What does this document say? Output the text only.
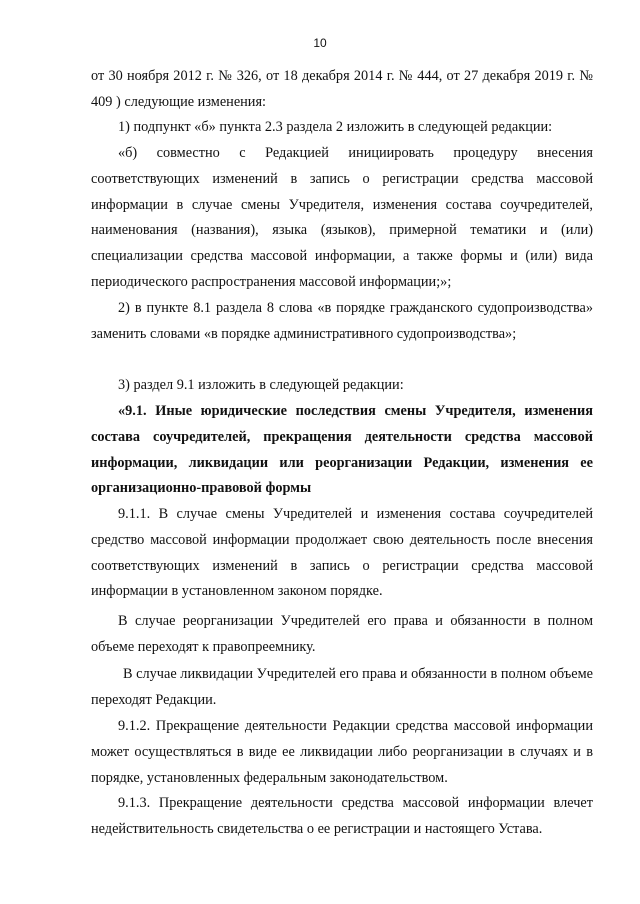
10

от 30 ноября 2012 г. № 326, от 18 декабря 2014 г. № 444, от 27 декабря 2019 г. № 409 ) следующие изменения:

1) подпункт «б» пункта 2.3 раздела 2 изложить в следующей редакции:

«б) совместно с Редакцией инициировать процедуру внесения соответствующих изменений в запись о регистрации средства массовой информации в случае смены Учредителя, изменения состава соучредителей, наименования (названия), языка (языков), примерной тематики и (или) специализации средства массовой информации, а также формы и (или) вида периодического распространения массовой информации;»;

2) в пункте 8.1 раздела 8 слова «в порядке гражданского судопроизводства» заменить словами «в порядке административного судопроизводства»;

3) раздел 9.1 изложить в следующей редакции:

«9.1. Иные юридические последствия смены Учредителя, изменения состава соучредителей, прекращения деятельности средства массовой информации, ликвидации или реорганизации Редакции, изменения ее организационно-правовой формы

9.1.1. В случае смены Учредителей и изменения состава соучредителей средство массовой информации продолжает свою деятельность после внесения соответствующих изменений в запись о регистрации средства массовой информации в установленном законом порядке.

В случае реорганизации Учредителей его права и обязанности в полном объеме переходят к правопреемнику.

В случае ликвидации Учредителей его права и обязанности в полном объеме переходят Редакции.

9.1.2. Прекращение деятельности Редакции средства массовой информации может осуществляться в виде ее ликвидации либо реорганизации в случаях и в порядке, установленных федеральным законодательством.

9.1.3. Прекращение деятельности средства массовой информации влечет недействительность свидетельства о ее регистрации и настоящего Устава.
